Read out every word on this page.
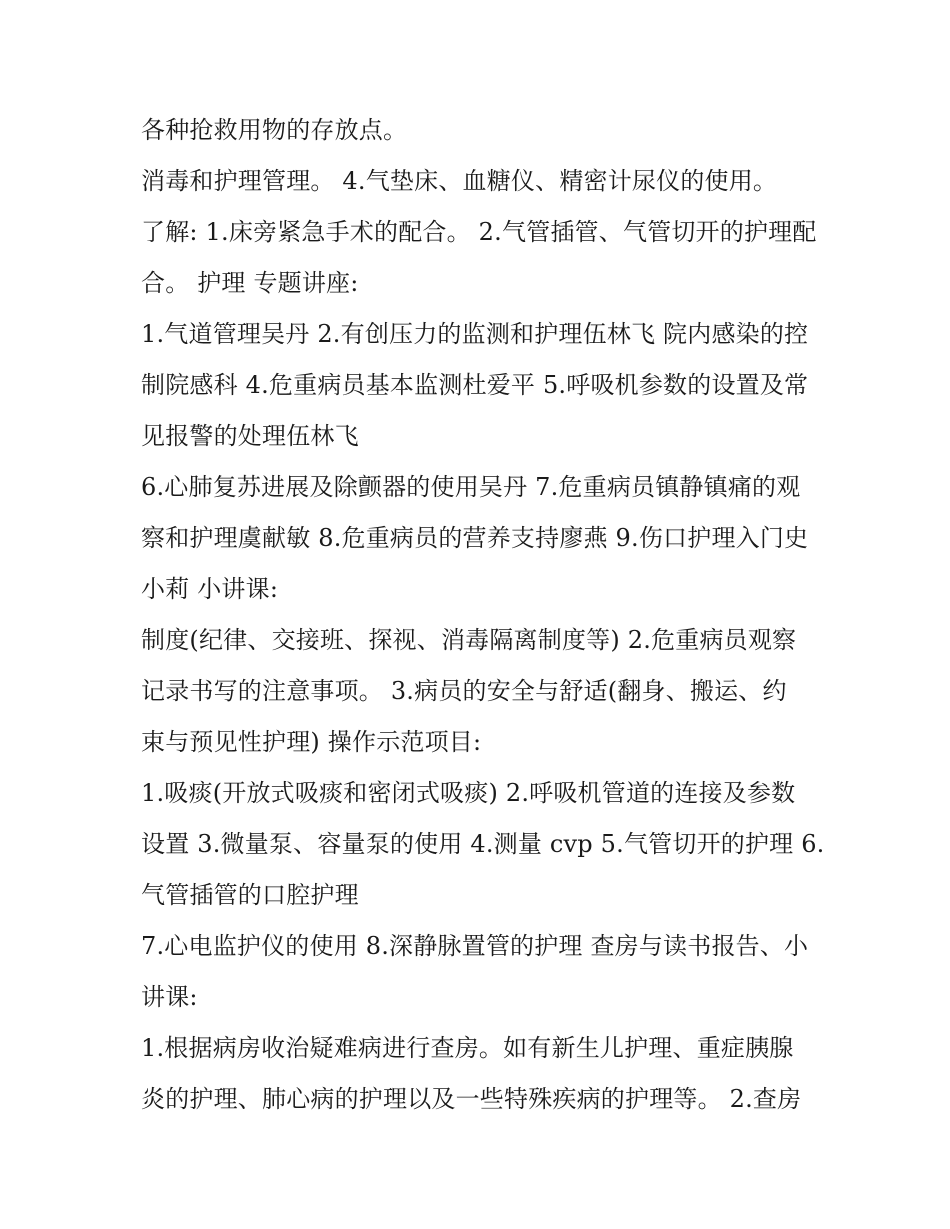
各种抢救用物的存放点。
消毒和护理管理。 4.气垫床、血糖仪、精密计尿仪的使用。
了解: 1.床旁紧急手术的配合。 2.气管插管、气管切开的护理配
合。 护理 专题讲座:
1.气道管理吴丹 2.有创压力的监测和护理伍林飞 院内感染的控
制院感科 4.危重病员基本监测杜爱平 5.呼吸机参数的设置及常
见报警的处理伍林飞
6.心肺复苏进展及除颤器的使用吴丹 7.危重病员镇静镇痛的观
察和护理虞献敏 8.危重病员的营养支持廖燕 9.伤口护理入门史
小莉 小讲课:
制度(纪律、交接班、探视、消毒隔离制度等) 2.危重病员观察
记录书写的注意事项。 3.病员的安全与舒适(翻身、搬运、约
束与预见性护理) 操作示范项目:
1.吸痰(开放式吸痰和密闭式吸痰) 2.呼吸机管道的连接及参数
设置 3.微量泵、容量泵的使用 4.测量 cvp 5.气管切开的护理 6.
气管插管的口腔护理
7.心电监护仪的使用 8.深静脉置管的护理 查房与读书报告、小
讲课:
1.根据病房收治疑难病进行查房。如有新生儿护理、重症胰腺
炎的护理、肺心病的护理以及一些特殊疾病的护理等。 2.查房
